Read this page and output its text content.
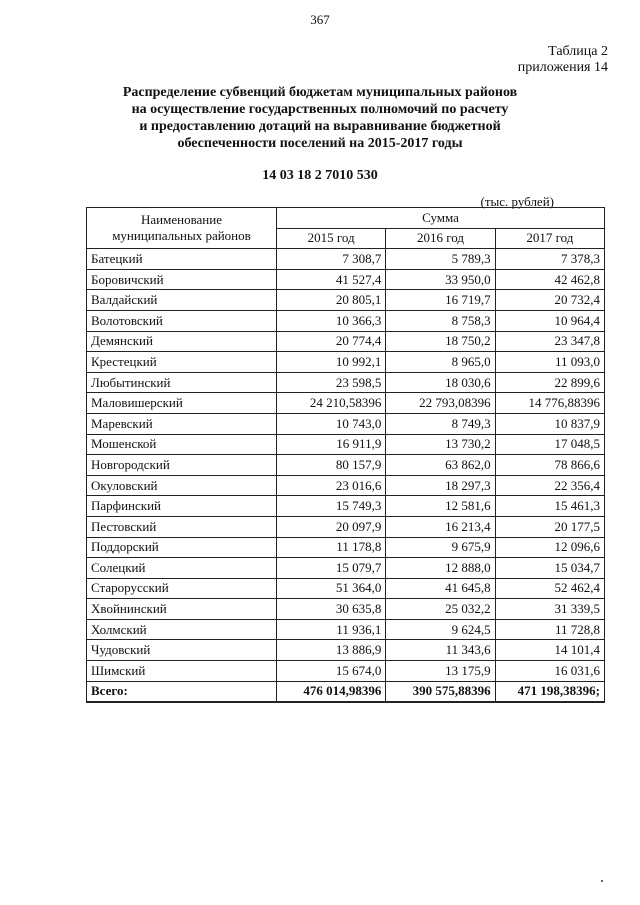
367
Таблица 2
приложения 14
Распределение субвенций бюджетам муниципальных районов
на осуществление государственных полномочий по расчету
и предоставлению дотаций на выравнивание бюджетной
обеспеченности поселений на 2015-2017 годы
14 03 18 2 7010 530
(тыс. рублей)
Наименование
муниципальных районов	Сумма		
	2015 год	2016 год	2017 год
Батецкий	7 308,7	5 789,3	7 378,3
Боровичский	41 527,4	33 950,0	42 462,8
Валдайский	20 805,1	16 719,7	20 732,4
Волотовский	10 366,3	8 758,3	10 964,4
Демянский	20 774,4	18 750,2	23 347,8
Крестецкий	10 992,1	8 965,0	11 093,0
Любытинский	23 598,5	18 030,6	22 899,6
Маловишерский	24 210,58396	22 793,08396	14 776,88396
Маревский	10 743,0	8 749,3	10 837,9
Мошенской	16 911,9	13 730,2	17 048,5
Новгородский	80 157,9	63 862,0	78 866,6
Окуловский	23 016,6	18 297,3	22 356,4
Парфинский	15 749,3	12 581,6	15 461,3
Пестовский	20 097,9	16 213,4	20 177,5
Поддорский	11 178,8	9 675,9	12 096,6
Солецкий	15 079,7	12 888,0	15 034,7
Старорусский	51 364,0	41 645,8	52 462,4
Хвойнинский	30 635,8	25 032,2	31 339,5
Холмский	11 936,1	9 624,5	11 728,8
Чудовский	13 886,9	11 343,6	14 101,4
Шимский	15 674,0	13 175,9	16 031,6
Всего:	476 014,98396	390 575,88396	471 198,38396;
